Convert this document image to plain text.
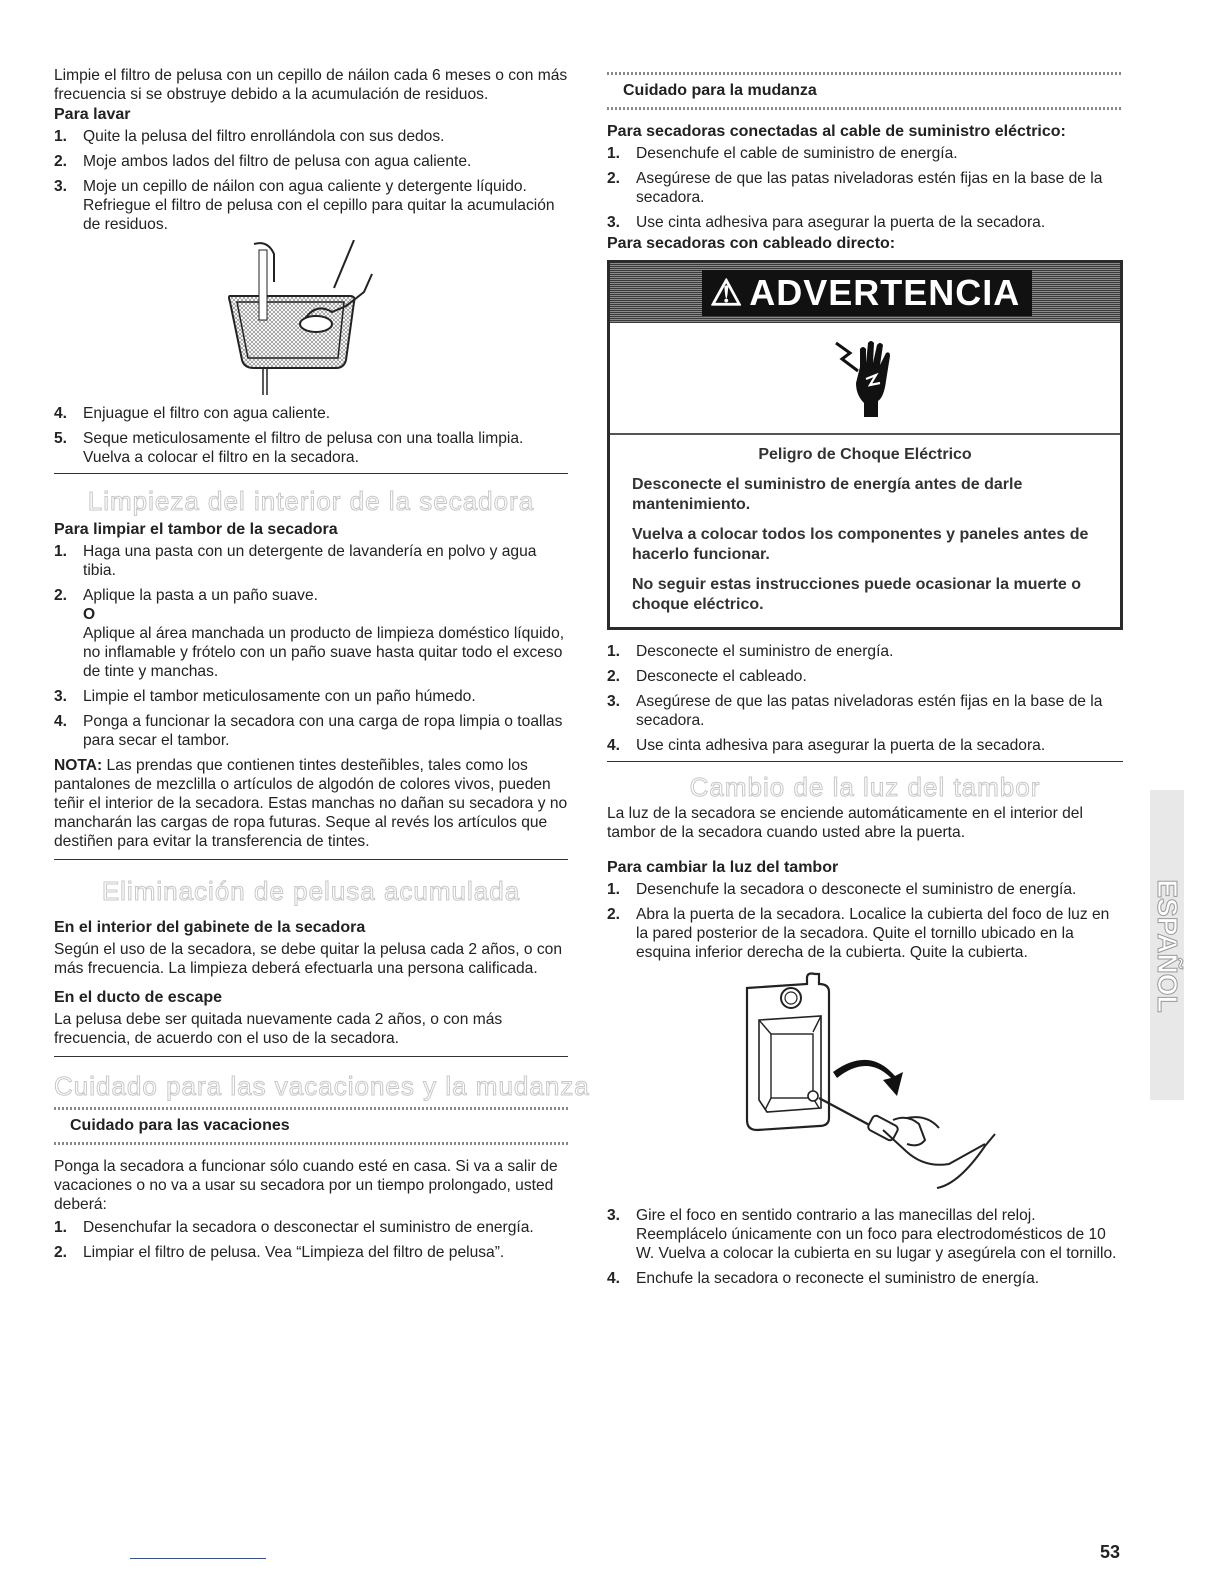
Limpie el filtro de pelusa con un cepillo de náilon cada 6 meses o con más frecuencia si se obstruye debido a la acumulación de residuos.

Para lavar
1. Quite la pelusa del filtro enrollándola con sus dedos.
2. Moje ambos lados del filtro de pelusa con agua caliente.
3. Moje un cepillo de náilon con agua caliente y detergente líquido. Refriegue el filtro de pelusa con el cepillo para quitar la acumulación de residuos.
4. Enjuague el filtro con agua caliente.
5. Seque meticulosamente el filtro de pelusa con una toalla limpia. Vuelva a colocar el filtro en la secadora.
Limpieza del interior de la secadora
Para limpiar el tambor de la secadora
1. Haga una pasta con un detergente de lavandería en polvo y agua tibia.
2. Aplique la pasta a un paño suave.
O
Aplique al área manchada un producto de limpieza doméstico líquido, no inflamable y frótelo con un paño suave hasta quitar todo el exceso de tinte y manchas.
3. Limpie el tambor meticulosamente con un paño húmedo.
4. Ponga a funcionar la secadora con una carga de ropa limpia o toallas para secar el tambor.

NOTA: Las prendas que contienen tintes desteñibles, tales como los pantalones de mezclilla o artículos de algodón de colores vivos, pueden teñir el interior de la secadora. Estas manchas no dañan su secadora y no mancharán las cargas de ropa futuras. Seque al revés los artículos que destiñen para evitar la transferencia de tintes.

Eliminación de pelusa acumulada
En el interior del gabinete de la secadora

Según el uso de la secadora, se debe quitar la pelusa cada 2 años, o con más frecuencia. La limpieza deberá efectuarla una persona calificada.

En el ducto de escape

La pelusa debe ser quitada nuevamente cada 2 años, o con más frecuencia, de acuerdo con el uso de la secadora.

Cuidado para las vacaciones y la mudanza
Cuidado para las vacaciones

Ponga la secadora a funcionar sólo cuando esté en casa. Si va a salir de vacaciones o no va a usar su secadora por un tiempo prolongado, usted deberá:

1. Desenchufar la secadora o desconectar el suministro de energía.
2. Limpiar el filtro de pelusa. Vea “Limpieza del filtro de pelusa”.
Cuidado para la mudanza
Para secadoras conectadas al cable de suministro eléctrico:
1. Desenchufe el cable de suministro de energía.
2. Asegúrese de que las patas niveladoras estén fijas en la base de la secadora.
3. Use cinta adhesiva para asegurar la puerta de la secadora.
Para secadoras con cableado directo:
⚠ ADVERTENCIA

Peligro de Choque Eléctrico

Desconecte el suministro de energía antes de darle mantenimiento.

Vuelva a colocar todos los componentes y paneles antes de hacerlo funcionar.

No seguir estas instrucciones puede ocasionar la muerte o choque eléctrico.

1. Desconecte el suministro de energía.
2. Desconecte el cableado.
3. Asegúrese de que las patas niveladoras estén fijas en la base de la secadora.
4. Use cinta adhesiva para asegurar la puerta de la secadora.
Cambio de la luz del tambor

La luz de la secadora se enciende automáticamente en el interior del tambor de la secadora cuando usted abre la puerta.

Para cambiar la luz del tambor
1. Desenchufe la secadora o desconecte el suministro de energía.
2. Abra la puerta de la secadora. Localice la cubierta del foco de luz en la pared posterior de la secadora. Quite el tornillo ubicado en la esquina inferior derecha de la cubierta. Quite la cubierta.
3. Gire el foco en sentido contrario a las manecillas del reloj. Reemplácelo únicamente con un foco para electrodomésticos de 10 W. Vuelva a colocar la cubierta en su lugar y asegúrela con el tornillo.
4. Enchufe la secadora o reconecte el suministro de energía.
ESPAÑOL
53
